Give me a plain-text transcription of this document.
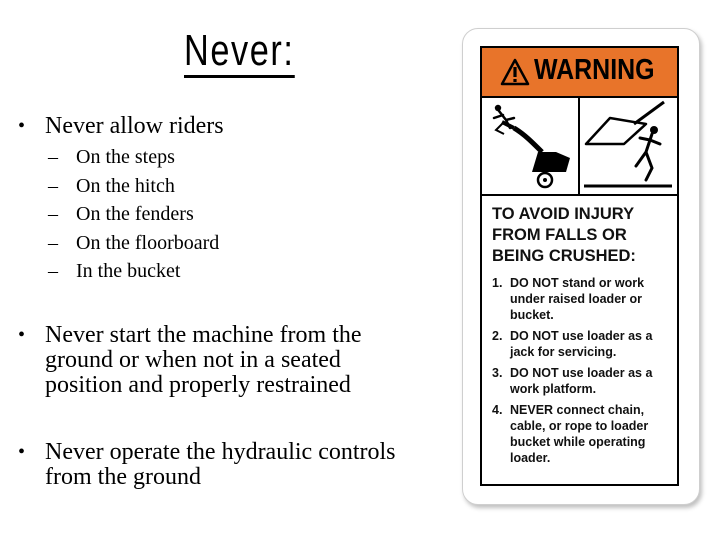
Never:
• Never allow riders
– On the steps
– On the hitch
– On the fenders
– On the floorboard
– In the bucket
• Never start the machine from the
ground or when not in a seated
position and properly restrained
• Never operate the hydraulic controls
from the ground
WARNING
TO AVOID INJURY
FROM FALLS OR
BEING CRUSHED:
1. DO NOT stand or work
under raised loader or
bucket.
2. DO NOT use loader as a
jack for servicing.
3. DO NOT use loader as a
work platform.
4. NEVER connect chain,
cable, or rope to loader
bucket while operating
loader.
